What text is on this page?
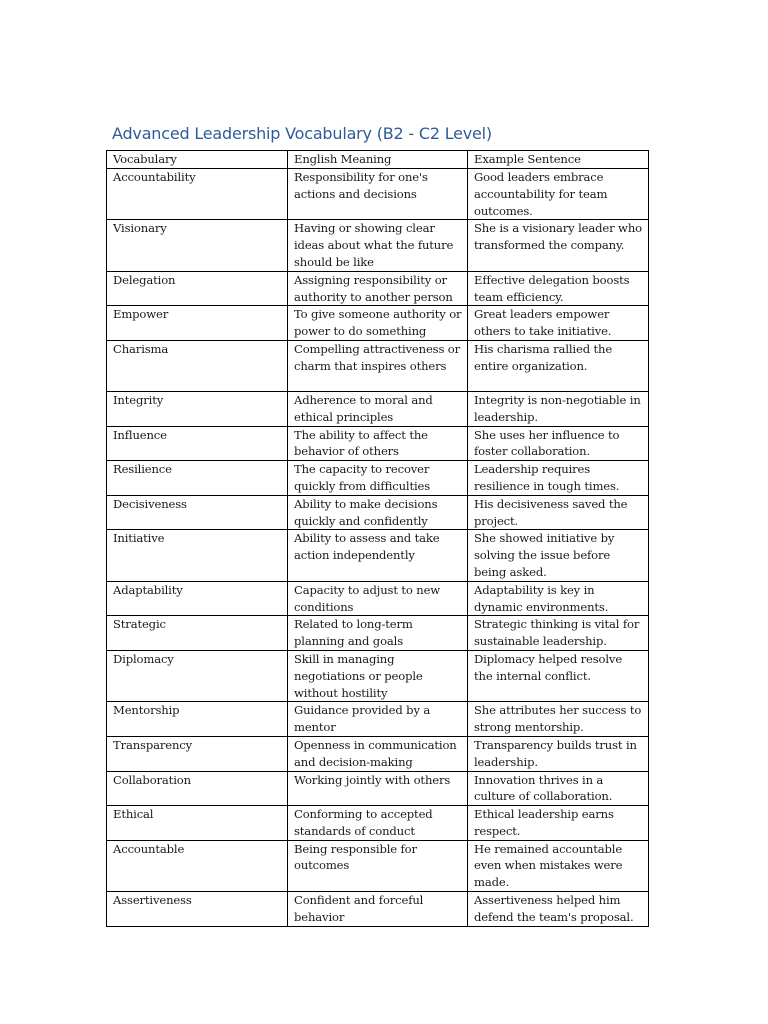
Advanced Leadership Vocabulary (B2 - C2 Level)
Vocabulary	English Meaning	Example Sentence
Accountability	Responsibility for one's actions and decisions	Good leaders embrace accountability for team outcomes.
Visionary	Having or showing clear ideas about what the future should be like	She is a visionary leader who transformed the company.
Delegation	Assigning responsibility or authority to another person	Effective delegation boosts team efficiency.
Empower	To give someone authority or power to do something	Great leaders empower others to take initiative.
Charisma	Compelling attractiveness or charm that inspires others	His charisma rallied the entire organization.
Integrity	Adherence to moral and ethical principles	Integrity is non-negotiable in leadership.
Influence	The ability to affect the behavior of others	She uses her influence to foster collaboration.
Resilience	The capacity to recover quickly from difficulties	Leadership requires resilience in tough times.
Decisiveness	Ability to make decisions quickly and confidently	His decisiveness saved the project.
Initiative	Ability to assess and take action independently	She showed initiative by solving the issue before being asked.
Adaptability	Capacity to adjust to new conditions	Adaptability is key in dynamic environments.
Strategic	Related to long-term planning and goals	Strategic thinking is vital for sustainable leadership.
Diplomacy	Skill in managing negotiations or people without hostility	Diplomacy helped resolve the internal conflict.
Mentorship	Guidance provided by a mentor	She attributes her success to strong mentorship.
Transparency	Openness in communication and decision-making	Transparency builds trust in leadership.
Collaboration	Working jointly with others	Innovation thrives in a culture of collaboration.
Ethical	Conforming to accepted standards of conduct	Ethical leadership earns respect.
Accountable	Being responsible for outcomes	He remained accountable even when mistakes were made.
Assertiveness	Confident and forceful behavior	Assertiveness helped him defend the team's proposal.
